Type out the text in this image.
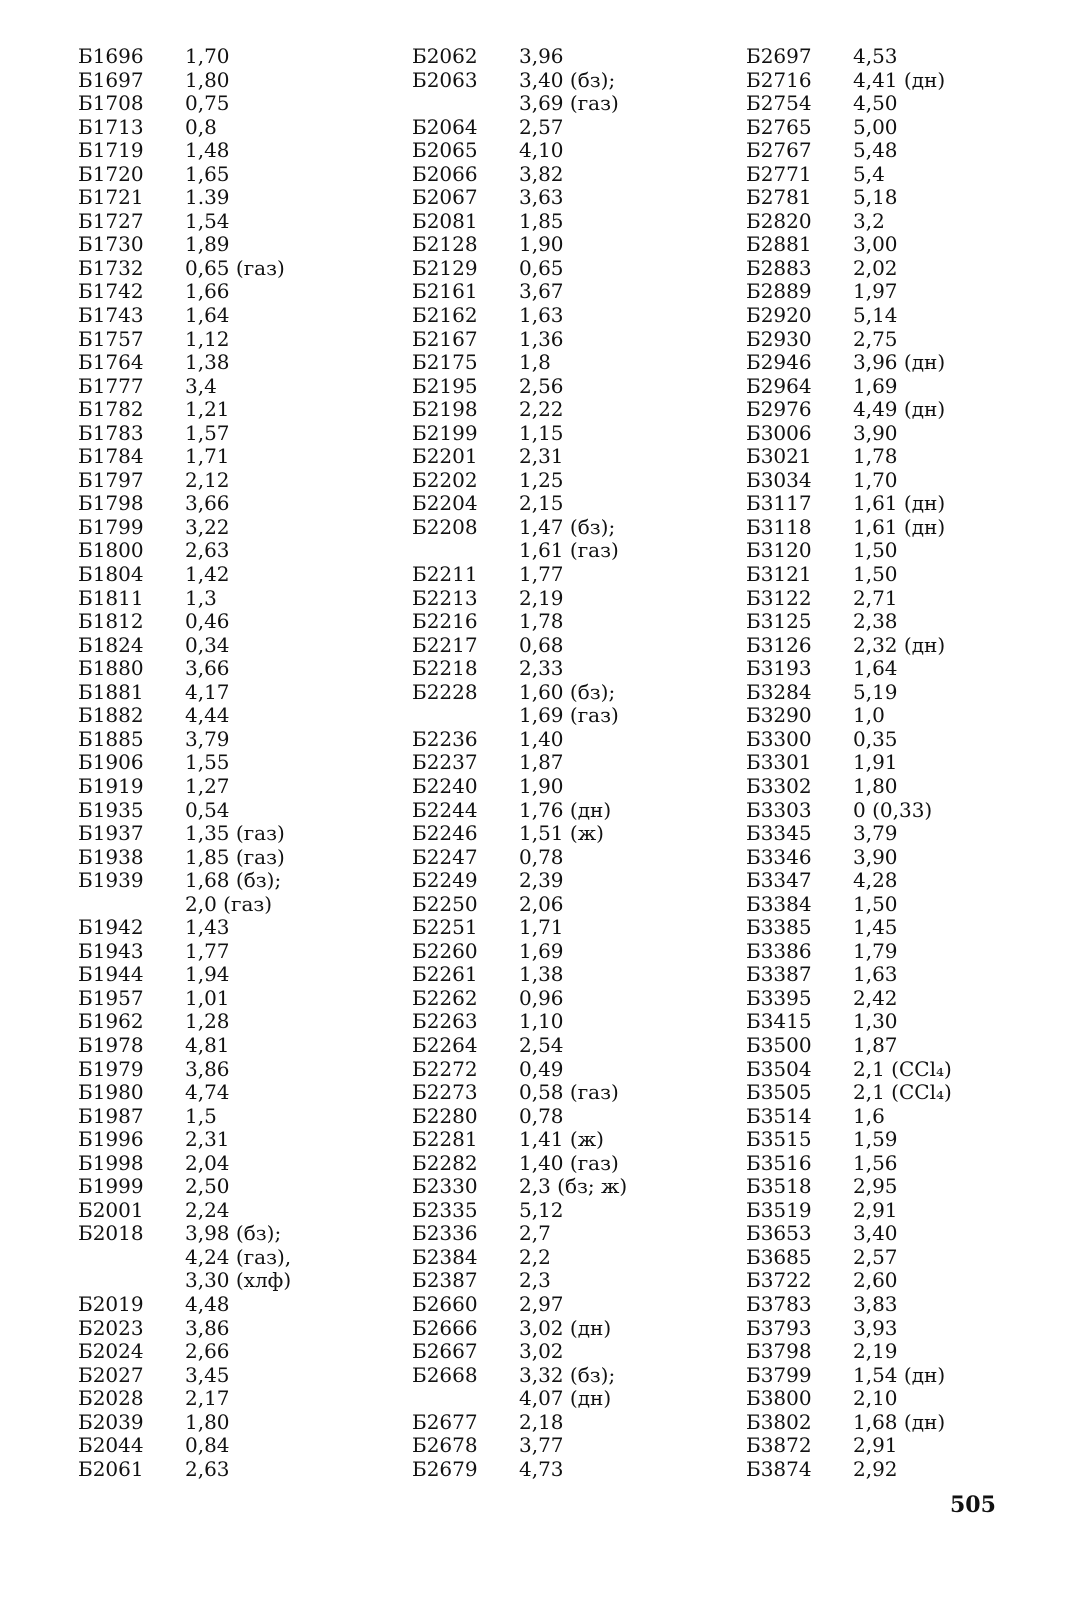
Б1696	1,70
Б1697	1,80
Б1708	0,75
Б1713	0,8
Б1719	1,48
Б1720	1,65
Б1721	1.39
Б1727	1,54
Б1730	1,89
Б1732	0,65 (газ)
Б1742	1,66
Б1743	1,64
Б1757	1,12
Б1764	1,38
Б1777	3,4
Б1782	1,21
Б1783	1,57
Б1784	1,71
Б1797	2,12
Б1798	3,66
Б1799	3,22
Б1800	2,63
Б1804	1,42
Б1811	1,3
Б1812	0,46
Б1824	0,34
Б1880	3,66
Б1881	4,17
Б1882	4,44
Б1885	3,79
Б1906	1,55
Б1919	1,27
Б1935	0,54
Б1937	1,35 (газ)
Б1938	1,85 (газ)
Б1939	1,68 (бз);
2,0 (газ)
Б1942	1,43
Б1943	1,77
Б1944	1,94
Б1957	1,01
Б1962	1,28
Б1978	4,81
Б1979	3,86
Б1980	4,74
Б1987	1,5
Б1996	2,31
Б1998	2,04
Б1999	2,50
Б2001	2,24
Б2018	3,98 (бз);
4,24 (газ),
3,30 (хлф)
Б2019	4,48
Б2023	3,86
Б2024	2,66
Б2027	3,45
Б2028	2,17
Б2039	1,80
Б2044	0,84
Б2061	2,63
Б2062	3,96
Б2063	3,40 (бз);
3,69 (газ)
Б2064	2,57
Б2065	4,10
Б2066	3,82
Б2067	3,63
Б2081	1,85
Б2128	1,90
Б2129	0,65
Б2161	3,67
Б2162	1,63
Б2167	1,36
Б2175	1,8
Б2195	2,56
Б2198	2,22
Б2199	1,15
Б2201	2,31
Б2202	1,25
Б2204	2,15
Б2208	1,47 (бз);
1,61 (газ)
Б2211	1,77
Б2213	2,19
Б2216	1,78
Б2217	0,68
Б2218	2,33
Б2228	1,60 (бз);
1,69 (газ)
Б2236	1,40
Б2237	1,87
Б2240	1,90
Б2244	1,76 (дн)
Б2246	1,51 (ж)
Б2247	0,78
Б2249	2,39
Б2250	2,06
Б2251	1,71
Б2260	1,69
Б2261	1,38
Б2262	0,96
Б2263	1,10
Б2264	2,54
Б2272	0,49
Б2273	0,58 (газ)
Б2280	0,78
Б2281	1,41 (ж)
Б2282	1,40 (газ)
Б2330	2,3 (бз; ж)
Б2335	5,12
Б2336	2,7
Б2384	2,2
Б2387	2,3
Б2660	2,97
Б2666	3,02 (дн)
Б2667	3,02
Б2668	3,32 (бз);
4,07 (дн)
Б2677	2,18
Б2678	3,77
Б2679	4,73
Б2697	4,53
Б2716	4,41 (дн)
Б2754	4,50
Б2765	5,00
Б2767	5,48
Б2771	5,4
Б2781	5,18
Б2820	3,2
Б2881	3,00
Б2883	2,02
Б2889	1,97
Б2920	5,14
Б2930	2,75
Б2946	3,96 (дн)
Б2964	1,69
Б2976	4,49 (дн)
Б3006	3,90
Б3021	1,78
Б3034	1,70
Б3117	1,61 (дн)
Б3118	1,61 (дн)
Б3120	1,50
Б3121	1,50
Б3122	2,71
Б3125	2,38
Б3126	2,32 (дн)
Б3193	1,64
Б3284	5,19
Б3290	1,0
Б3300	0,35
Б3301	1,91
Б3302	1,80
Б3303	0 (0,33)
Б3345	3,79
Б3346	3,90
Б3347	4,28
Б3384	1,50
Б3385	1,45
Б3386	1,79
Б3387	1,63
Б3395	2,42
Б3415	1,30
Б3500	1,87
Б3504	2,1 (CCl₄)
Б3505	2,1 (CCl₄)
Б3514	1,6
Б3515	1,59
Б3516	1,56
Б3518	2,95
Б3519	2,91
Б3653	3,40
Б3685	2,57
Б3722	2,60
Б3783	3,83
Б3793	3,93
Б3798	2,19
Б3799	1,54 (дн)
Б3800	2,10
Б3802	1,68 (дн)
Б3872	2,91
Б3874	2,92
505
